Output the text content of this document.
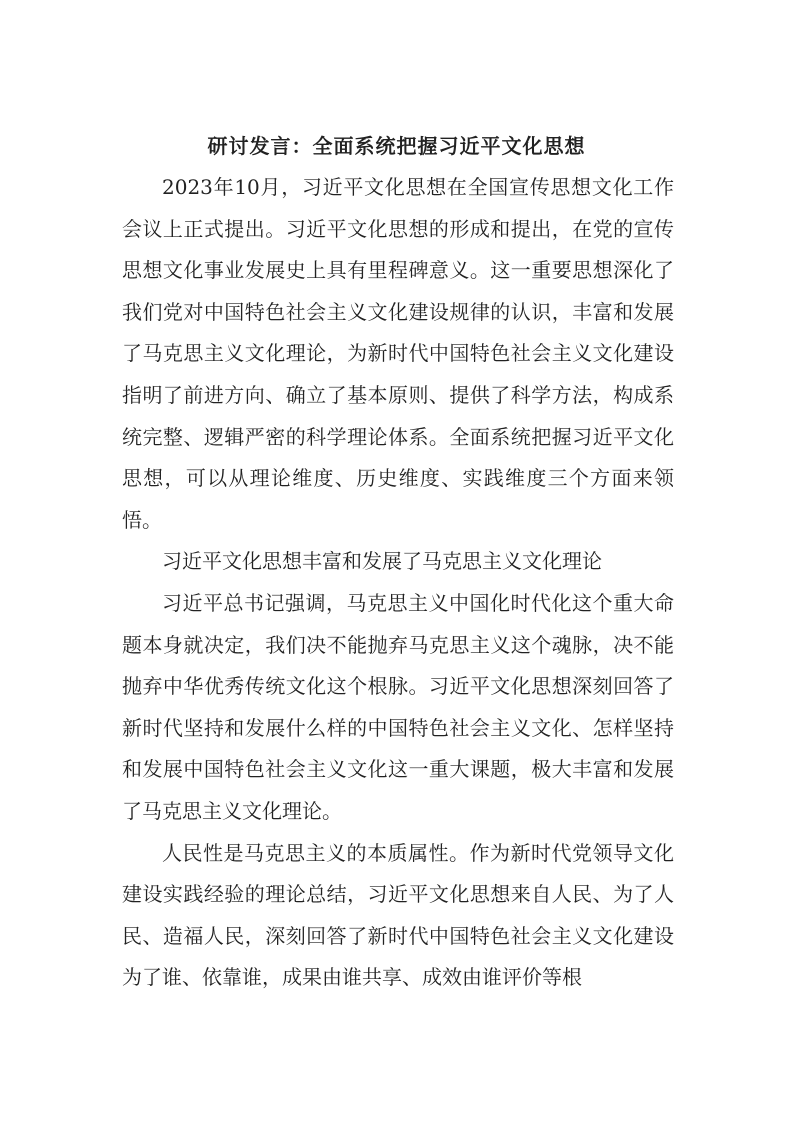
研讨发言：全面系统把握习近平文化思想

2023年10月，习近平文化思想在全国宣传思想文化工作会议上正式提出。习近平文化思想的形成和提出，在党的宣传思想文化事业发展史上具有里程碑意义。这一重要思想深化了我们党对中国特色社会主义文化建设规律的认识，丰富和发展了马克思主义文化理论，为新时代中国特色社会主义文化建设指明了前进方向、确立了基本原则、提供了科学方法，构成系统完整、逻辑严密的科学理论体系。全面系统把握习近平文化思想，可以从理论维度、历史维度、实践维度三个方面来领悟。

习近平文化思想丰富和发展了马克思主义文化理论

习近平总书记强调，马克思主义中国化时代化这个重大命题本身就决定，我们决不能抛弃马克思主义这个魂脉，决不能抛弃中华优秀传统文化这个根脉。习近平文化思想深刻回答了新时代坚持和发展什么样的中国特色社会主义文化、怎样坚持和发展中国特色社会主义文化这一重大课题，极大丰富和发展了马克思主义文化理论。

人民性是马克思主义的本质属性。作为新时代党领导文化建设实践经验的理论总结，习近平文化思想来自人民、为了人民、造福人民，深刻回答了新时代中国特色社会主义文化建设为了谁、依靠谁，成果由谁共享、成效由谁评价等根
